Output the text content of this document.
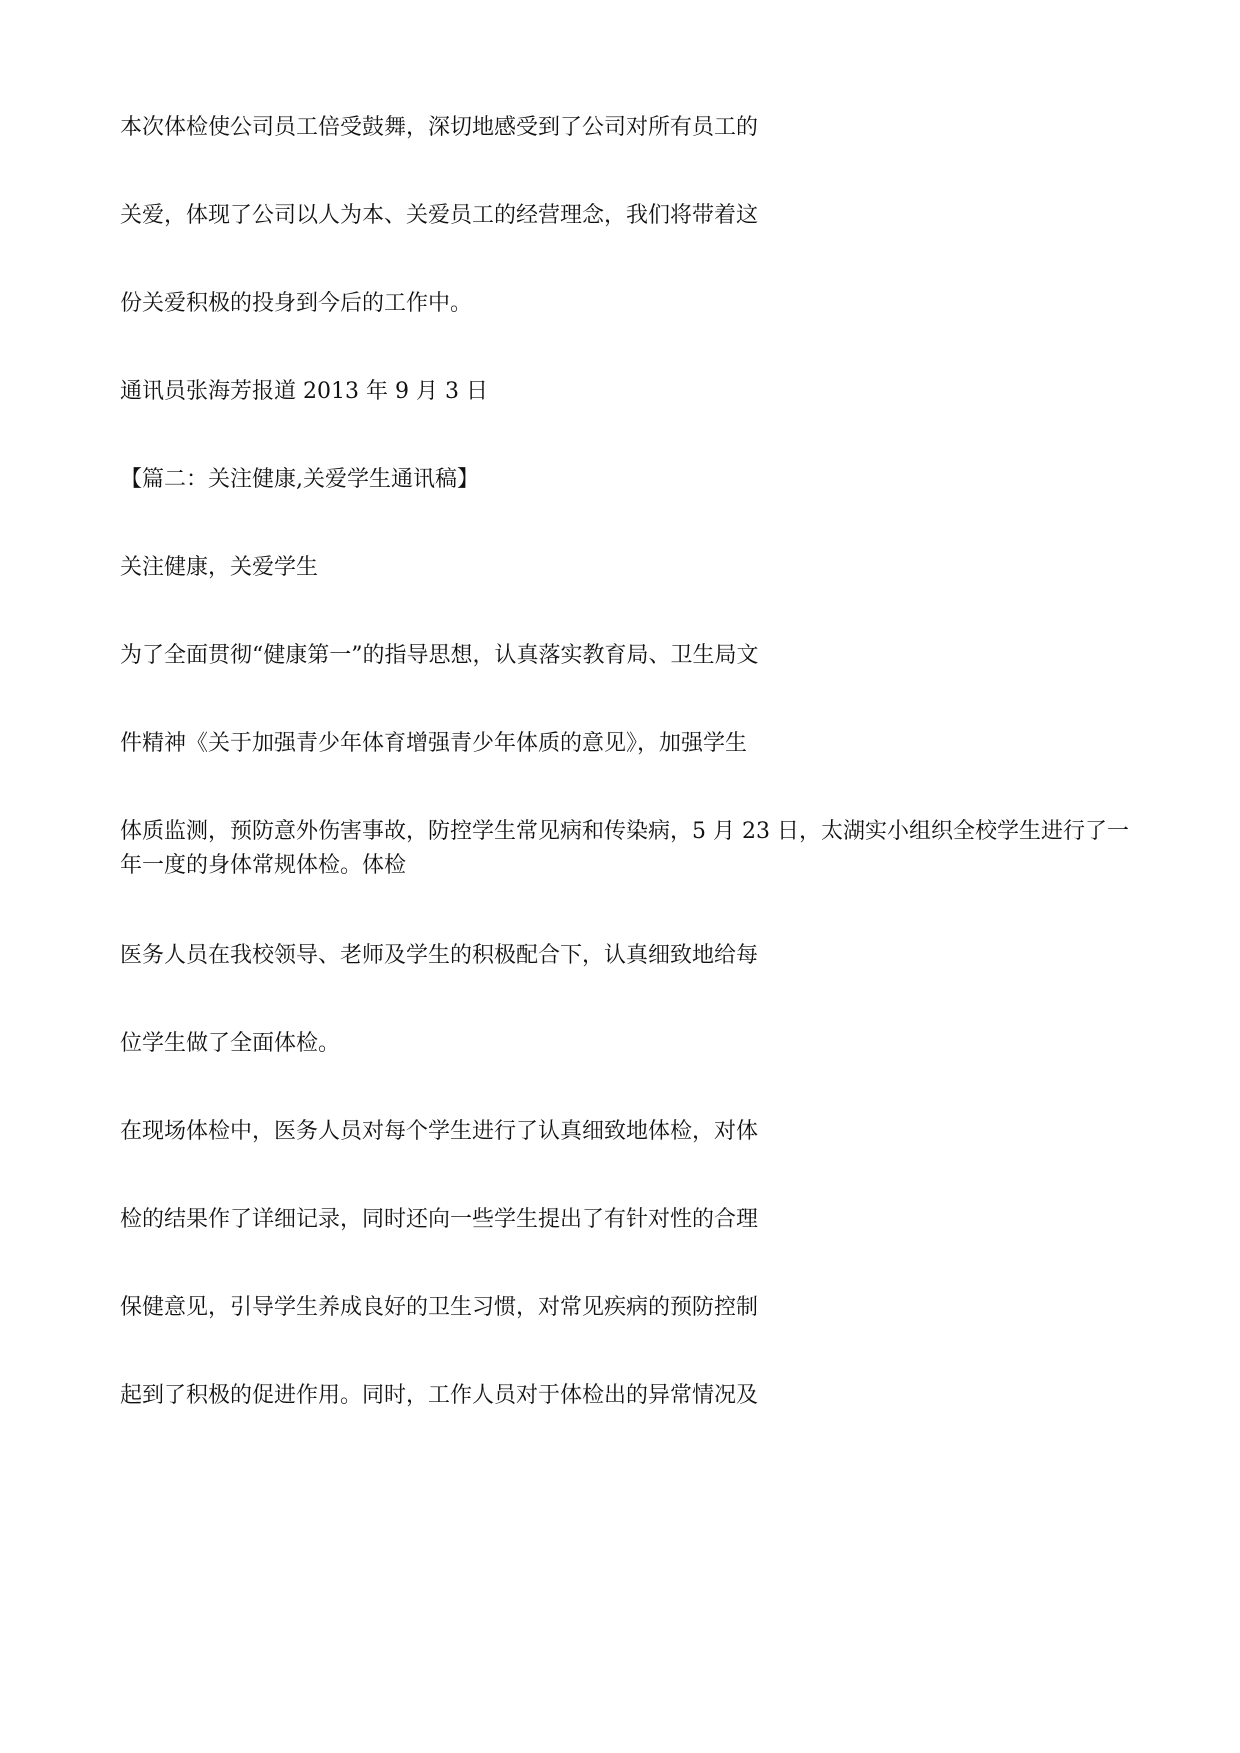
本次体检使公司员工倍受鼓舞，深切地感受到了公司对所有员工的

关爱，体现了公司以人为本、关爱员工的经营理念，我们将带着这

份关爱积极的投身到今后的工作中。

通讯员张海芳报道 2013 年 9 月 3 日

【篇二：关注健康,关爱学生通讯稿】

关注健康，关爱学生

为了全面贯彻“健康第一”的指导思想，认真落实教育局、卫生局文

件精神《关于加强青少年体育增强青少年体质的意见》，加强学生

体质监测，预防意外伤害事故，防控学生常见病和传染病，5 月 23 日，太湖实小组织全校学生进行了一年一度的身体常规体检。体检

医务人员在我校领导、老师及学生的积极配合下，认真细致地给每

位学生做了全面体检。

在现场体检中，医务人员对每个学生进行了认真细致地体检，对体

检的结果作了详细记录，同时还向一些学生提出了有针对性的合理

保健意见，引导学生养成良好的卫生习惯，对常见疾病的预防控制

起到了积极的促进作用。同时，工作人员对于体检出的异常情况及
